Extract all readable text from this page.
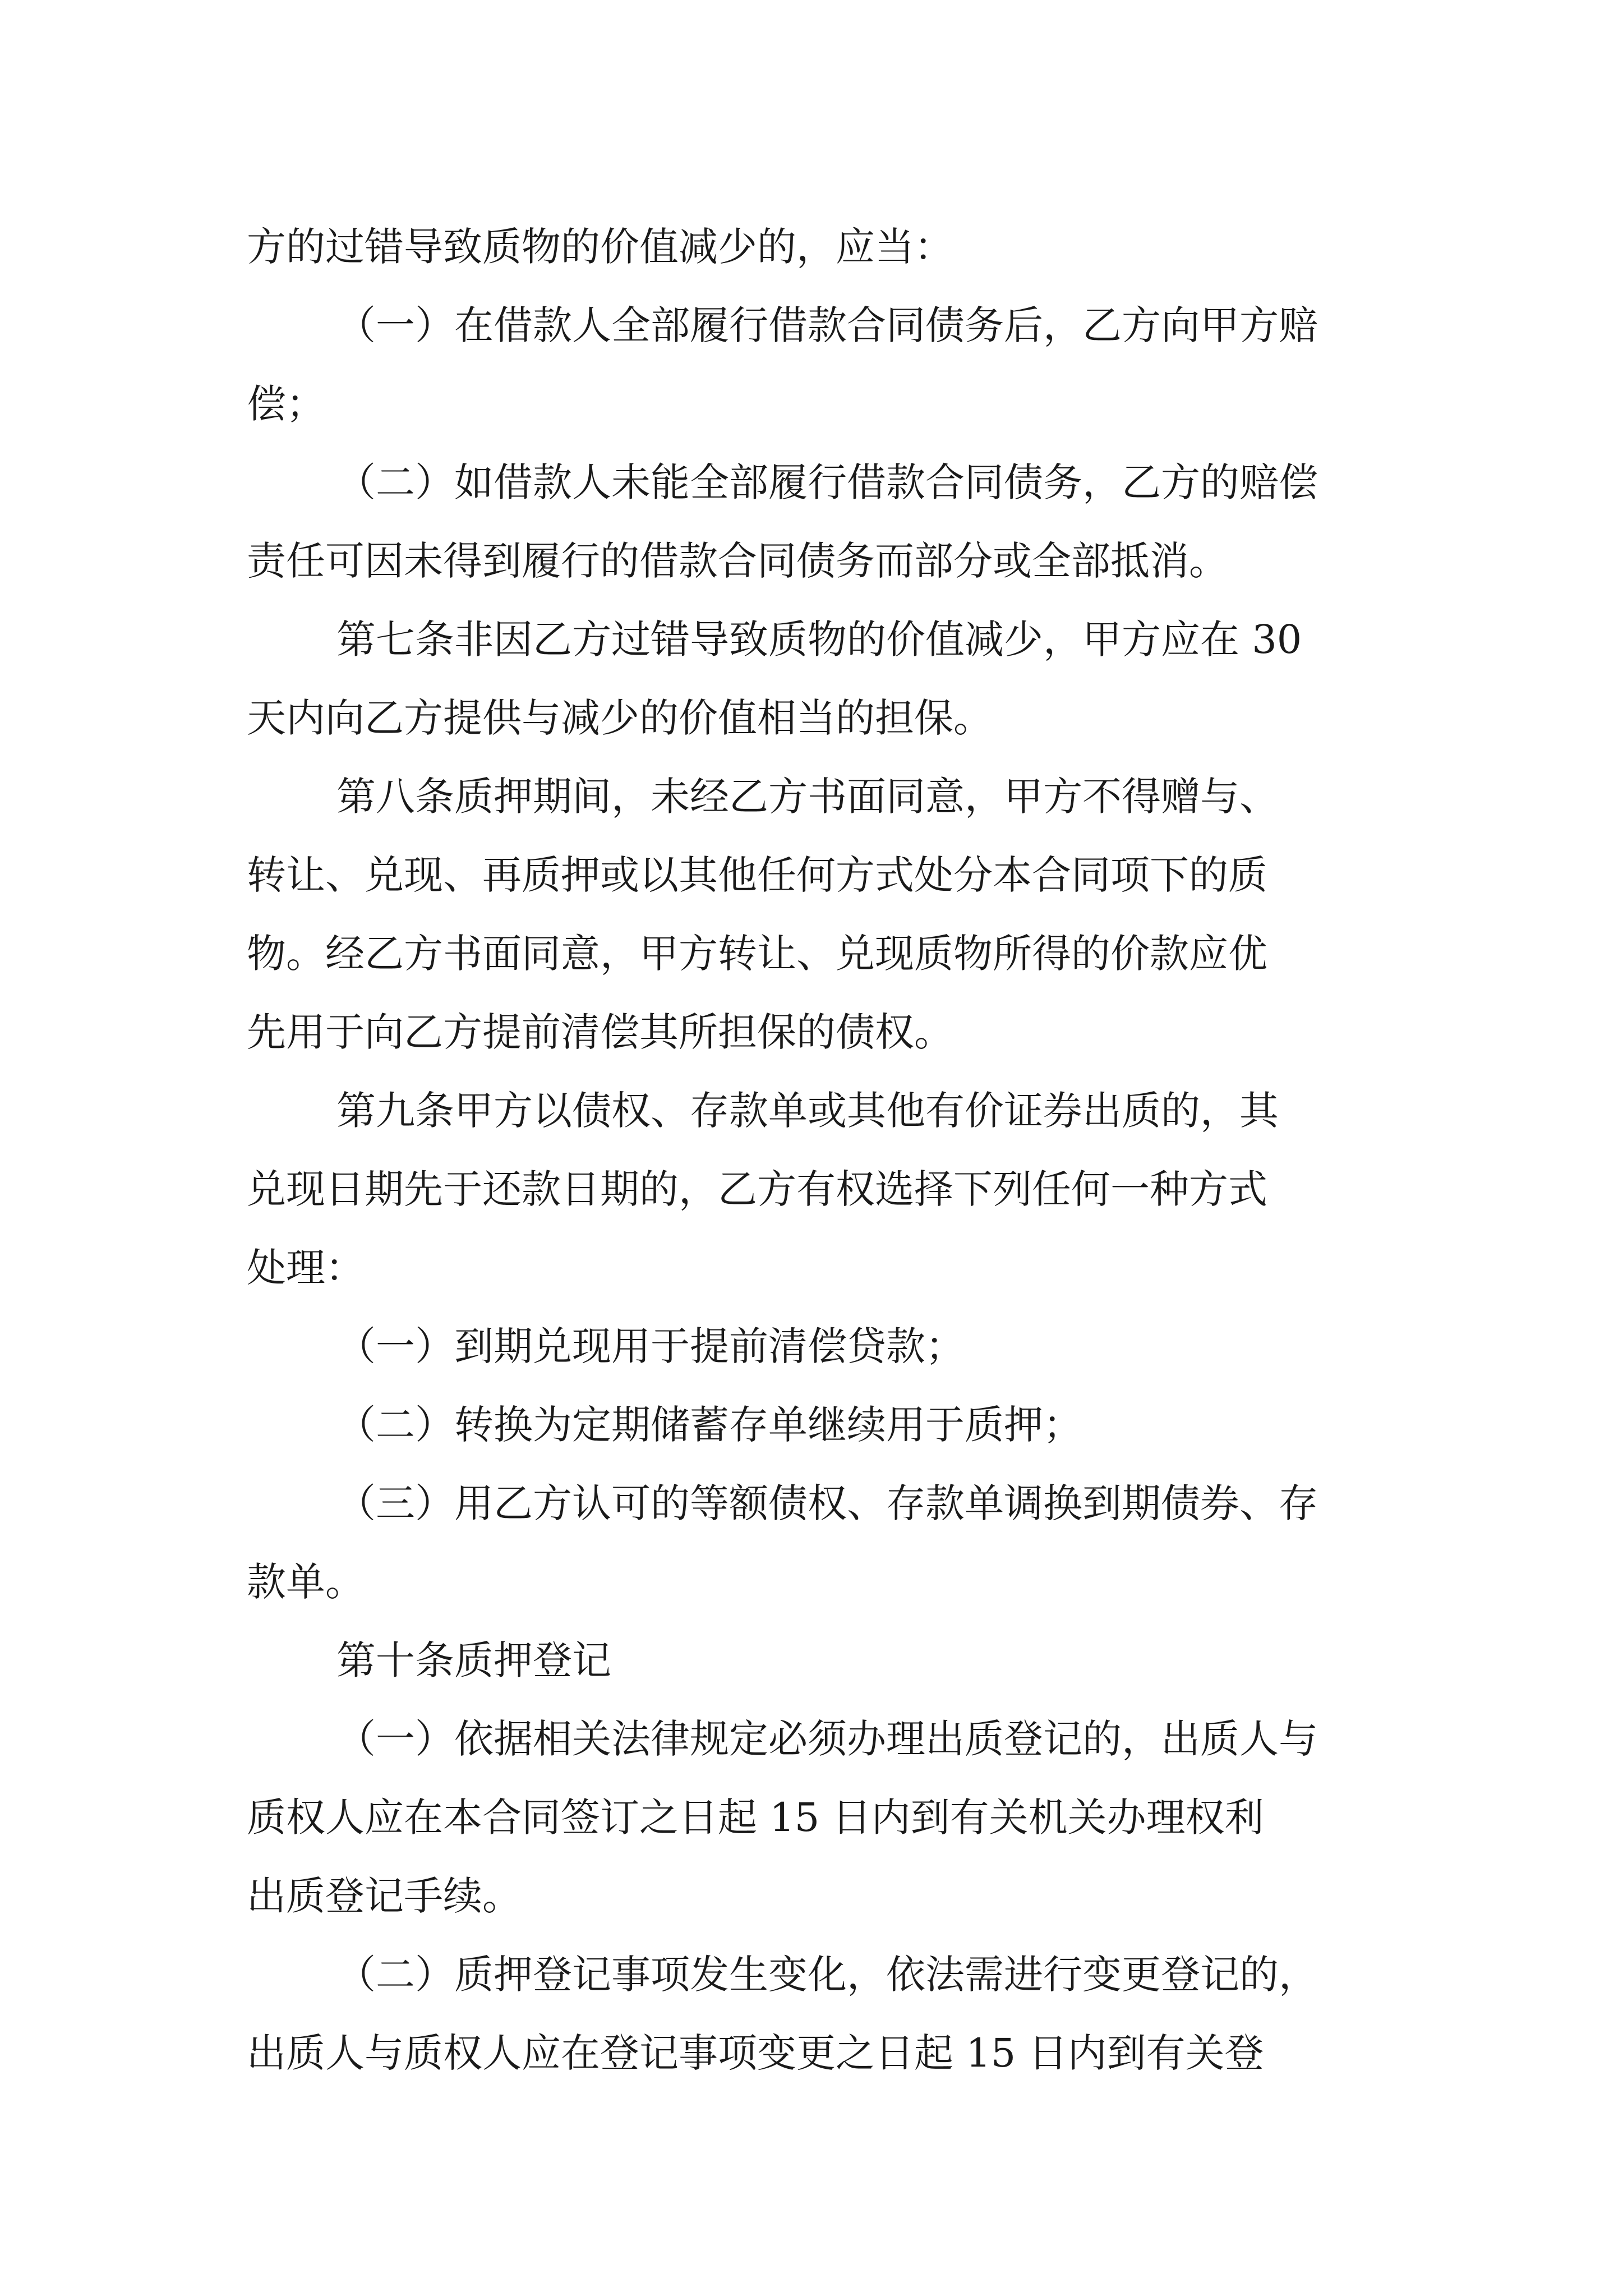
方的过错导致质物的价值减少的，应当：
（一）在借款人全部履行借款合同债务后，乙方向甲方赔
偿；
（二）如借款人未能全部履行借款合同债务，乙方的赔偿
责任可因未得到履行的借款合同债务而部分或全部抵消。
第七条非因乙方过错导致质物的价值减少，甲方应在 30
天内向乙方提供与减少的价值相当的担保。
第八条质押期间，未经乙方书面同意，甲方不得赠与、
转让、兑现、再质押或以其他任何方式处分本合同项下的质
物。经乙方书面同意，甲方转让、兑现质物所得的价款应优
先用于向乙方提前清偿其所担保的债权。
第九条甲方以债权、存款单或其他有价证券出质的，其
兑现日期先于还款日期的，乙方有权选择下列任何一种方式
处理：
（一）到期兑现用于提前清偿贷款；
（二）转换为定期储蓄存单继续用于质押；
（三）用乙方认可的等额债权、存款单调换到期债券、存
款单。
第十条质押登记
（一）依据相关法律规定必须办理出质登记的，出质人与
质权人应在本合同签订之日起 15 日内到有关机关办理权利
出质登记手续。
（二）质押登记事项发生变化，依法需进行变更登记的，
出质人与质权人应在登记事项变更之日起 15 日内到有关登
